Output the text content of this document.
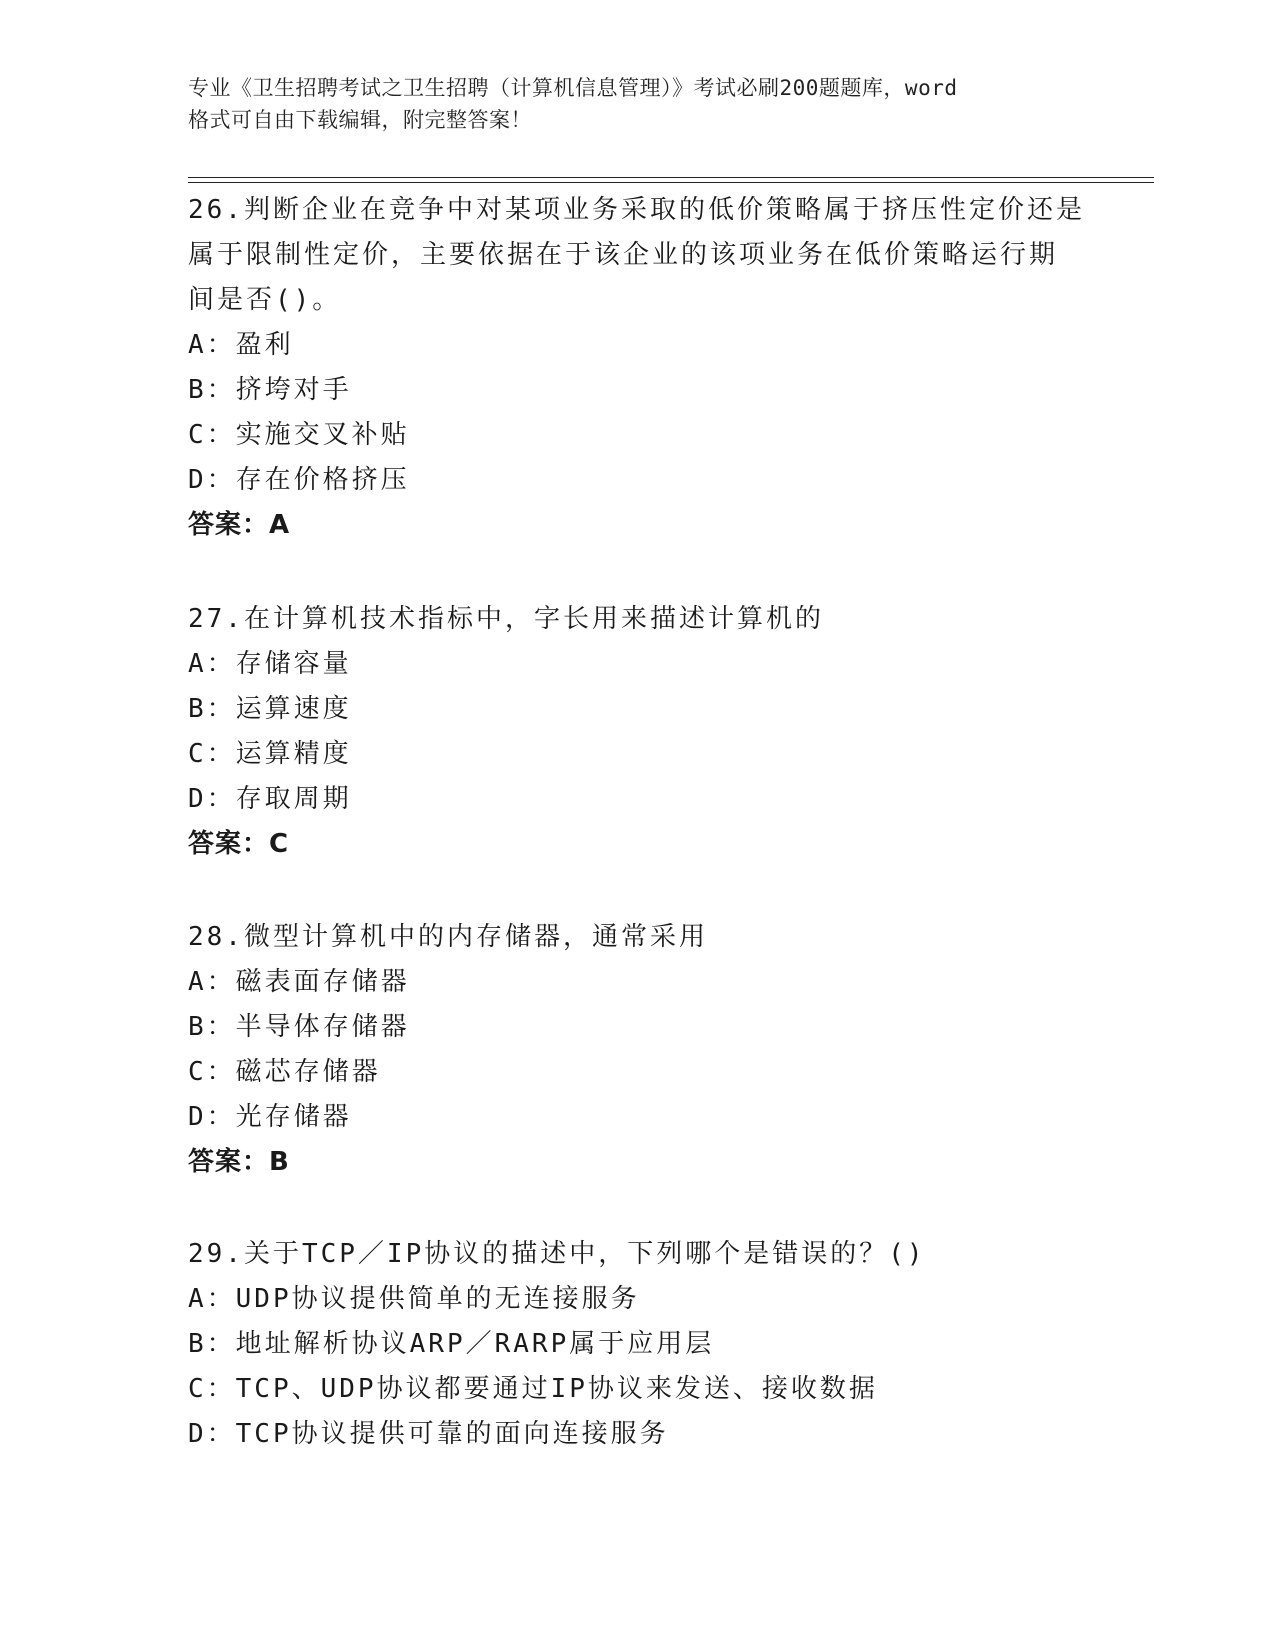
专业《卫生招聘考试之卫生招聘（计算机信息管理）》考试必刷200题题库，word
格式可自由下载编辑，附完整答案！
26.判断企业在竞争中对某项业务采取的低价策略属于挤压性定价还是
属于限制性定价，主要依据在于该企业的该项业务在低价策略运行期
间是否()。
A：盈利
B：挤垮对手
C：实施交叉补贴
D：存在价格挤压
答案：A
27.在计算机技术指标中，字长用来描述计算机的
A：存储容量
B：运算速度
C：运算精度
D：存取周期
答案：C
28.微型计算机中的内存储器，通常采用
A：磁表面存储器
B：半导体存储器
C：磁芯存储器
D：光存储器
答案：B
29.关于TCP／IP协议的描述中，下列哪个是错误的？()
A：UDP协议提供简单的无连接服务
B：地址解析协议ARP／RARP属于应用层
C：TCP、UDP协议都要通过IP协议来发送、接收数据
D：TCP协议提供可靠的面向连接服务
